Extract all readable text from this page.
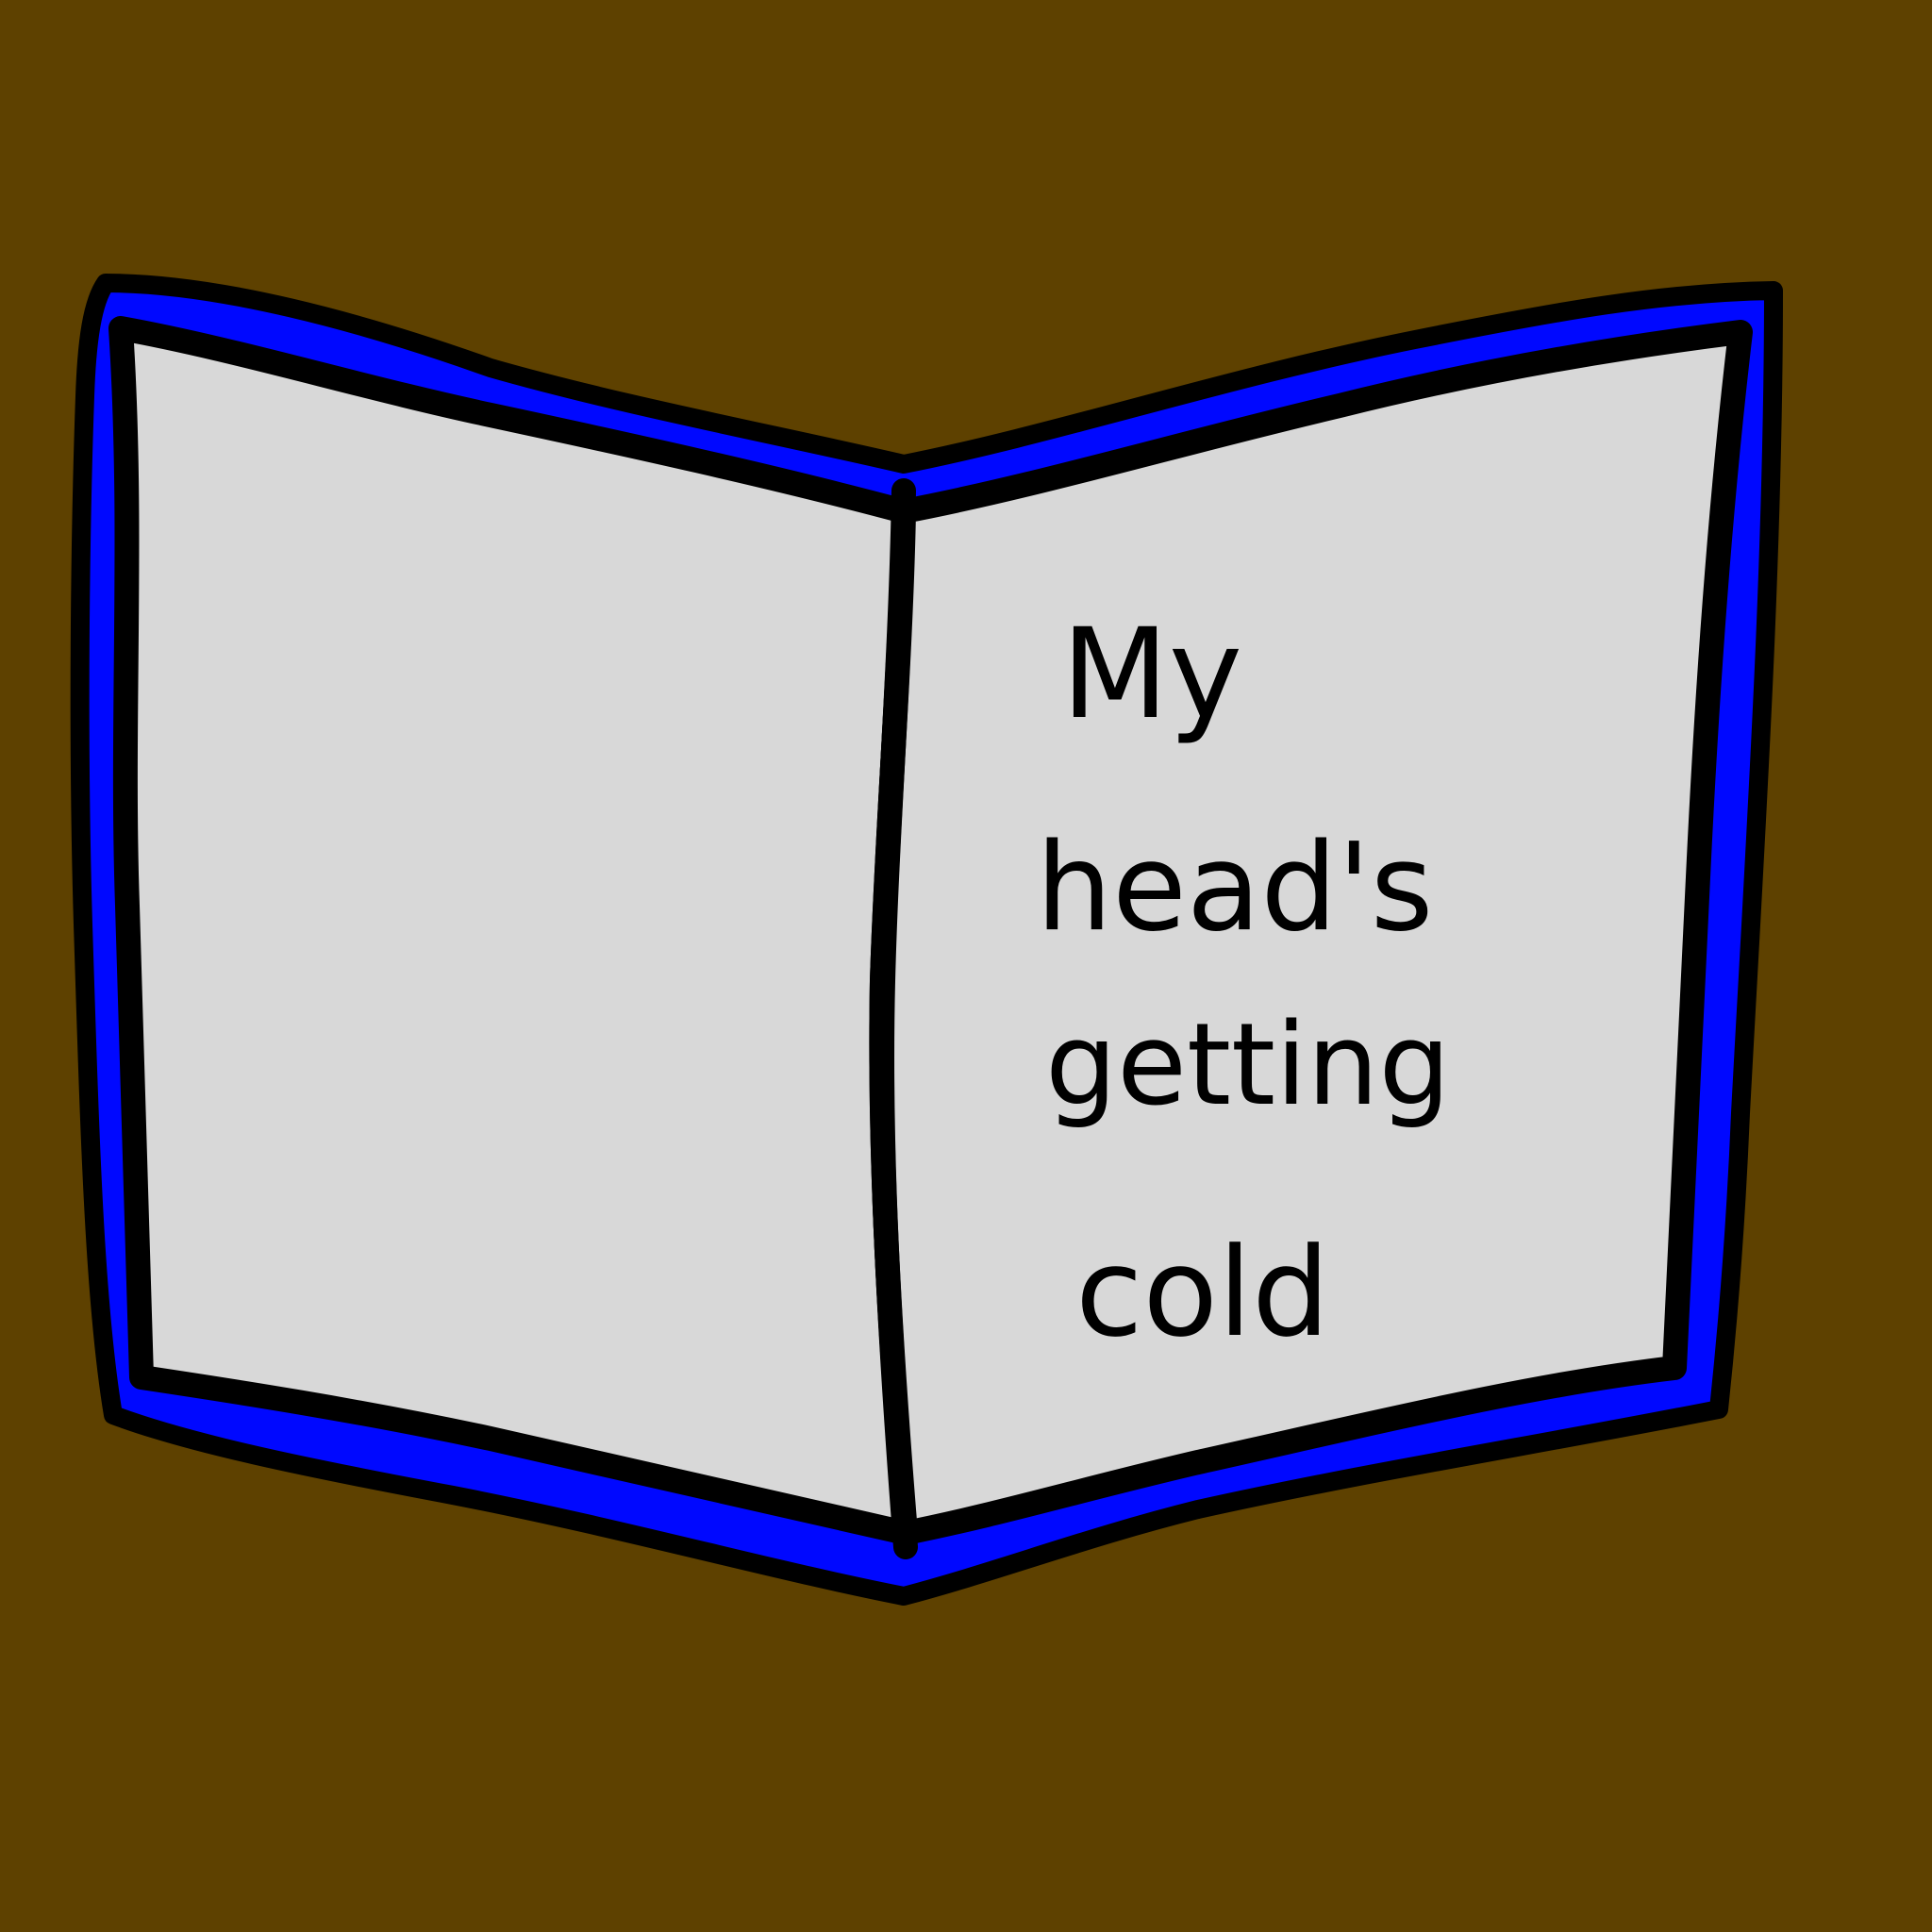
My
head's
getting
cold
